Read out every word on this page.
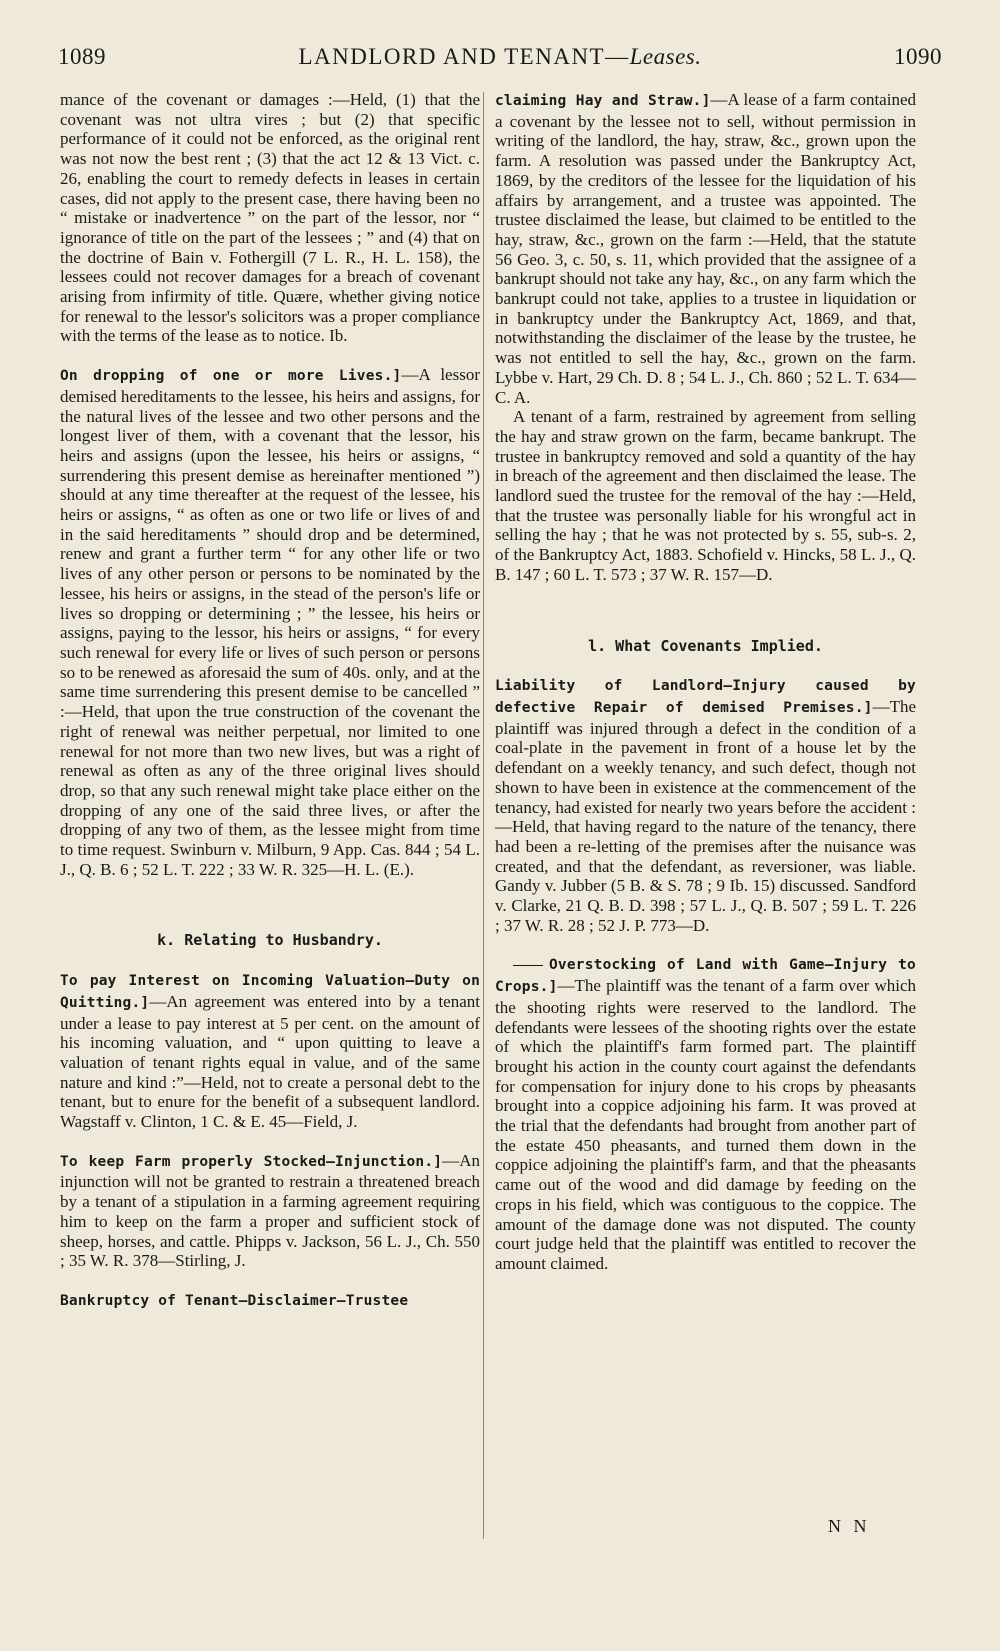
1089	LANDLORD AND TENANT—Leases.	1090

mance of the covenant or damages :—Held, (1) that the covenant was not ultra vires ; but (2) that specific performance of it could not be enforced, as the original rent was not now the best rent ; (3) that the act 12 & 13 Vict. c. 26, enabling the court to remedy defects in leases in certain cases, did not apply to the present case, there having been no “ mistake or inadvertence ” on the part of the lessor, nor “ ignorance of title on the part of the lessees ; ” and (4) that on the doctrine of Bain v. Fothergill (7 L. R., H. L. 158), the lessees could not recover damages for a breach of covenant arising from infirmity of title. Quære, whether giving notice for renewal to the lessor's solicitors was a proper compliance with the terms of the lease as to notice. Ib.

On dropping of one or more Lives.]—A lessor demised hereditaments to the lessee, his heirs and assigns, for the natural lives of the lessee and two other persons and the longest liver of them, with a covenant that the lessor, his heirs and assigns (upon the lessee, his heirs or assigns, “ surrendering this present demise as hereinafter mentioned ”) should at any time thereafter at the request of the lessee, his heirs or assigns, “ as often as one or two life or lives of and in the said hereditaments ” should drop and be determined, renew and grant a further term “ for any other life or two lives of any other person or persons to be nominated by the lessee, his heirs or assigns, in the stead of the person's life or lives so dropping or determining ; ” the lessee, his heirs or assigns, paying to the lessor, his heirs or assigns, “ for every such renewal for every life or lives of such person or persons so to be renewed as aforesaid the sum of 40s. only, and at the same time surrendering this present demise to be cancelled ” :—Held, that upon the true construction of the covenant the right of renewal was neither perpetual, nor limited to one renewal for not more than two new lives, but was a right of renewal as often as any of the three original lives should drop, so that any such renewal might take place either on the dropping of any one of the said three lives, or after the dropping of any two of them, as the lessee might from time to time request. Swinburn v. Milburn, 9 App. Cas. 844 ; 54 L. J., Q. B. 6 ; 52 L. T. 222 ; 33 W. R. 325—H. L. (E.).

k. Relating to Husbandry.

To pay Interest on Incoming Valuation—Duty on Quitting.]—An agreement was entered into by a tenant under a lease to pay interest at 5 per cent. on the amount of his incoming valuation, and “ upon quitting to leave a valuation of tenant rights equal in value, and of the same nature and kind :”—Held, not to create a personal debt to the tenant, but to enure for the benefit of a subsequent landlord. Wagstaff v. Clinton, 1 C. & E. 45—Field, J.

To keep Farm properly Stocked—Injunction.]—An injunction will not be granted to restrain a threatened breach by a tenant of a stipulation in a farming agreement requiring him to keep on the farm a proper and sufficient stock of sheep, horses, and cattle. Phipps v. Jackson, 56 L. J., Ch. 550 ; 35 W. R. 378—Stirling, J.

Bankruptcy of Tenant—Disclaimer—Trustee

claiming Hay and Straw.]—A lease of a farm contained a covenant by the lessee not to sell, without permission in writing of the landlord, the hay, straw, &c., grown upon the farm. A resolution was passed under the Bankruptcy Act, 1869, by the creditors of the lessee for the liquidation of his affairs by arrangement, and a trustee was appointed. The trustee disclaimed the lease, but claimed to be entitled to the hay, straw, &c., grown on the farm :—Held, that the statute 56 Geo. 3, c. 50, s. 11, which provided that the assignee of a bankrupt should not take any hay, &c., on any farm which the bankrupt could not take, applies to a trustee in liquidation or in bankruptcy under the Bankruptcy Act, 1869, and that, notwithstanding the disclaimer of the lease by the trustee, he was not entitled to sell the hay, &c., grown on the farm. Lybbe v. Hart, 29 Ch. D. 8 ; 54 L. J., Ch. 860 ; 52 L. T. 634—C. A.

A tenant of a farm, restrained by agreement from selling the hay and straw grown on the farm, became bankrupt. The trustee in bankruptcy removed and sold a quantity of the hay in breach of the agreement and then disclaimed the lease. The landlord sued the trustee for the removal of the hay :—Held, that the trustee was personally liable for his wrongful act in selling the hay ; that he was not protected by s. 55, sub-s. 2, of the Bankruptcy Act, 1883. Schofield v. Hincks, 58 L. J., Q. B. 147 ; 60 L. T. 573 ; 37 W. R. 157—D.

l. What Covenants Implied.

Liability of Landlord—Injury caused by defective Repair of demised Premises.]—The plaintiff was injured through a defect in the condition of a coal-plate in the pavement in front of a house let by the defendant on a weekly tenancy, and such defect, though not shown to have been in existence at the commencement of the tenancy, had existed for nearly two years before the accident :—Held, that having regard to the nature of the tenancy, there had been a re-letting of the premises after the nuisance was created, and that the defendant, as reversioner, was liable. Gandy v. Jubber (5 B. & S. 78 ; 9 Ib. 15) discussed. Sandford v. Clarke, 21 Q. B. D. 398 ; 57 L. J., Q. B. 507 ; 59 L. T. 226 ; 37 W. R. 28 ; 52 J. P. 773—D.

Overstocking of Land with Game—Injury to Crops.]—The plaintiff was the tenant of a farm over which the shooting rights were reserved to the landlord. The defendants were lessees of the shooting rights over the estate of which the plaintiff's farm formed part. The plaintiff brought his action in the county court against the defendants for compensation for injury done to his crops by pheasants brought into a coppice adjoining his farm. It was proved at the trial that the defendants had brought from another part of the estate 450 pheasants, and turned them down in the coppice adjoining the plaintiff's farm, and that the pheasants came out of the wood and did damage by feeding on the crops in his field, which was contiguous to the coppice. The amount of the damage done was not disputed. The county court judge held that the plaintiff was entitled to recover the amount claimed.

N N
